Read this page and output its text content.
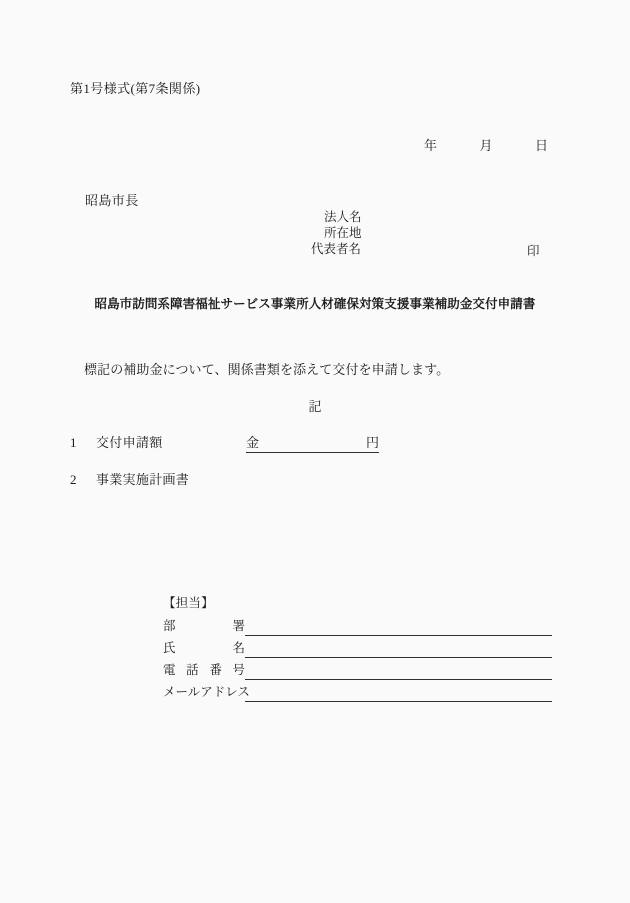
第1号様式(第7条関係)
年	月	日
昭島市長
法人名
所在地
代表者名	印
昭島市訪問系障害福祉サービス事業所人材確保対策支援事業補助金交付申請書
標記の補助金について、関係書類を添えて交付を申請します。
記
1 交付申請額	金	円
2 事業実施計画書
【担当】
部　署
氏　名
電話番号
メールアドレス
